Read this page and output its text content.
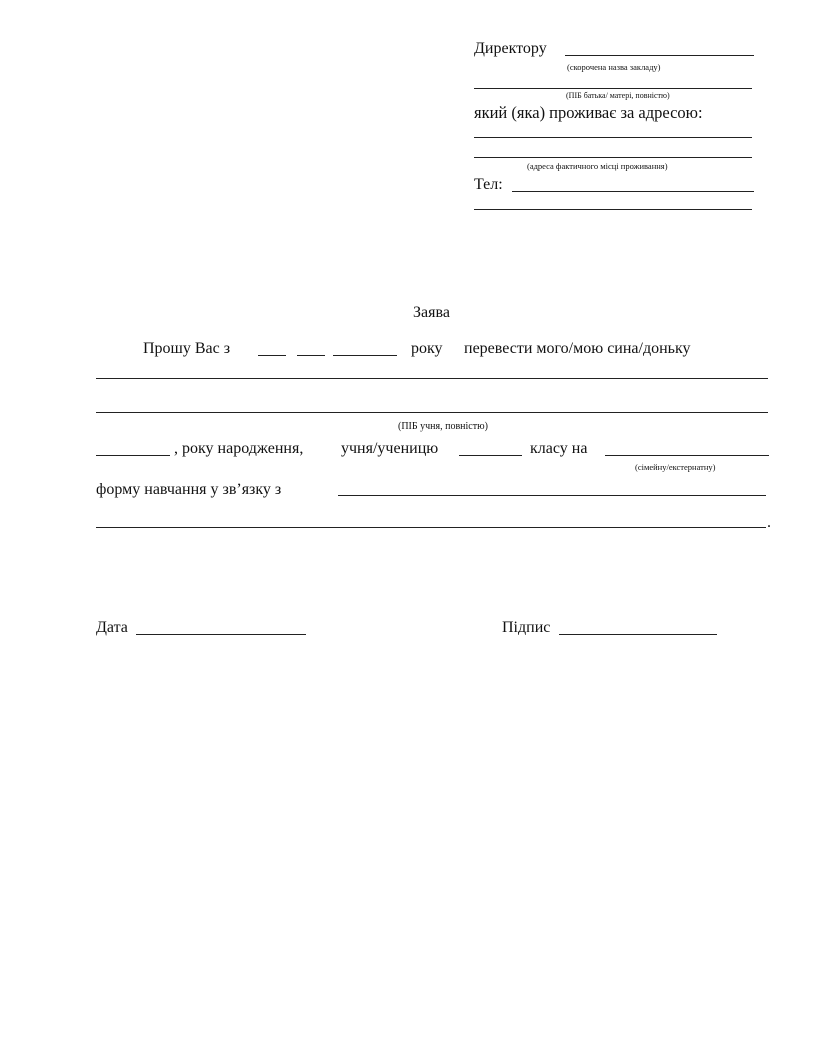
Директору
(скорочена назва закладу)
(ПІБ батька/ матері, повністю)
який (яка) проживає за адресою:
(адреса фактичного місці проживання)
Тел:
Заява
Прошу Вас з	року перевести мого/мою сина/доньку
(ПІБ учня, повністю)
, року народження, учня/ученицю	класу на
(сімейну/екстернатну)
форму навчання у зв’язку з
.
Дата	Підпис
